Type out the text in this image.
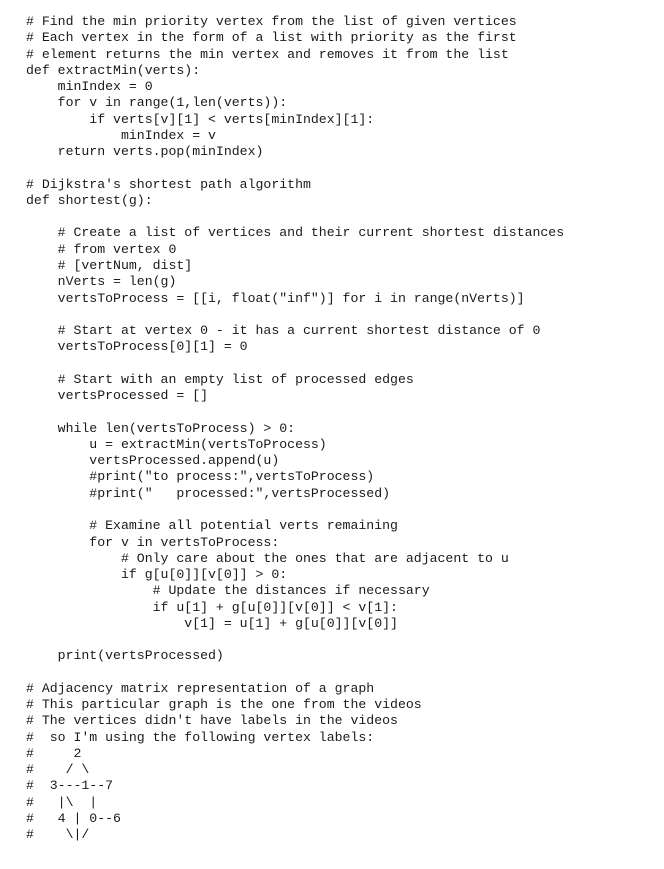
# Find the min priority vertex from the list of given vertices
# Each vertex in the form of a list with priority as the first
# element returns the min vertex and removes it from the list
def extractMin(verts):
minIndex = 0
for v in range(1,len(verts)):
if verts[v][1] < verts[minIndex][1]:
minIndex = v
return verts.pop(minIndex)
# Dijkstra's shortest path algorithm
def shortest(g):
# Create a list of vertices and their current shortest distances
# from vertex 0
# [vertNum, dist]
nVerts = len(g)
vertsToProcess = [[i, float("inf")] for i in range(nVerts)]
# Start at vertex 0 - it has a current shortest distance of 0
vertsToProcess[0][1] = 0
# Start with an empty list of processed edges
vertsProcessed = []
while len(vertsToProcess) > 0:
u = extractMin(vertsToProcess)
vertsProcessed.append(u)
#print("to process:",vertsToProcess)
#print("   processed:",vertsProcessed)
# Examine all potential verts remaining
for v in vertsToProcess:
# Only care about the ones that are adjacent to u
if g[u[0]][v[0]] > 0:
# Update the distances if necessary
if u[1] + g[u[0]][v[0]] < v[1]:
v[1] = u[1] + g[u[0]][v[0]]
print(vertsProcessed)
# Adjacency matrix representation of a graph
# This particular graph is the one from the videos
# The vertices didn't have labels in the videos
#  so I'm using the following vertex labels:
#     2
#    / \
#  3---1--7
#   |\  |
#   4 | 0--6
#    \|/
